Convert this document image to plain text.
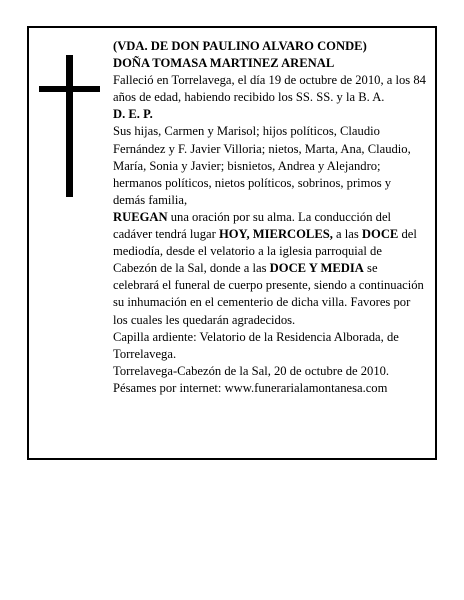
(VDA. DE DON PAULINO ALVARO CONDE)

DOÑA TOMASA MARTINEZ ARENAL

Falleció en Torrelavega, el día 19 de octubre de 2010, a los 84 años de edad, habiendo recibido los SS. SS. y la B. A.

D. E. P.

Sus hijas, Carmen y Marisol; hijos políticos, Claudio Fernández y F. Javier Villoria; nietos, Marta, Ana, Claudio, María, Sonia y Javier; bisnietos, Andrea y Alejandro; hermanos políticos, nietos políticos, sobrinos, primos y demás familia,

RUEGAN una oración por su alma. La conducción del cadáver tendrá lugar HOY, MIERCOLES, a las DOCE del mediodía, desde el velatorio a la iglesia parroquial de Cabezón de la Sal, donde a las DOCE Y MEDIA se celebrará el funeral de cuerpo presente, siendo a continuación su inhumación en el cementerio de dicha villa. Favores por los cuales les quedarán agradecidos.

Capilla ardiente: Velatorio de la Residencia Alborada, de Torrelavega.

Torrelavega-Cabezón de la Sal, 20 de octubre de 2010.

Pésames por internet: www.funerarialamontanesa.com
